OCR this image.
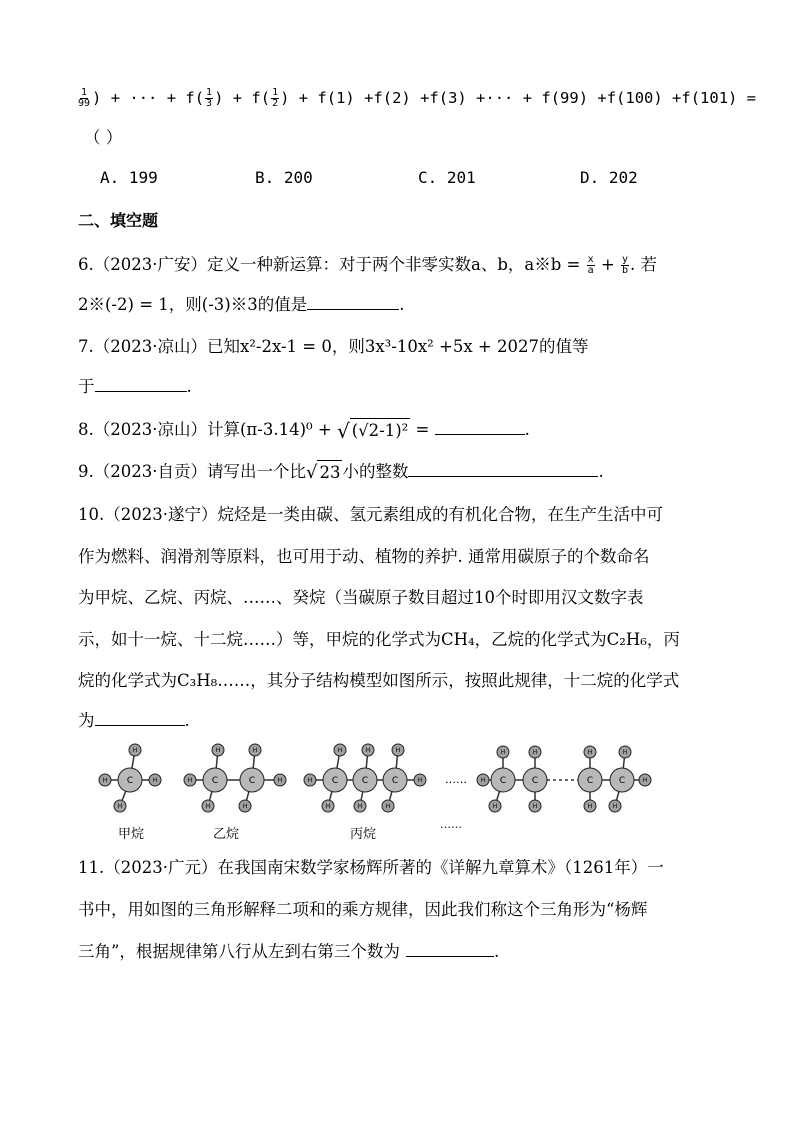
$\frac{1}{99}$ ) + ··· + $f( \frac{1}{3}$ ) + $f( \frac{1}{2}$ ) + f(1) +f(2) +f(3) +··· + f(99) +f(100) +f(101) =
（ ）
A. 199	B. 200	C. 201	D. 202
二、填空题
6.（2023·广安）定义一种新运算：对于两个非零实数a、b，a※b = $\frac{x}{a} + \frac{y}{b}$ . 若
2※(-2) = 1，则(-3)※3的值是	.
7.（2023·凉山）已知x²-2x-1 = 0，则3x³-10x² +5x + 2027的值等
于	.
8.（2023·凉山）计算(π-3.14)⁰ + √ (√2-1)² =	.
9.（2023·自贡）请写出一个比 √ 23 小的整数	.
10.（2023·遂宁）烷烃是一类由碳、氢元素组成的有机化合物，在生产生活中可
作为燃料、润滑剂等原料，也可用于动、植物的养护. 通常用碳原子的个数命名
为甲烷、乙烷、丙烷、……、癸烷（当碳原子数目超过10个时即用汉文数字表
示，如十一烷、十二烷……）等，甲烷的化学式为CH₄，乙烷的化学式为C₂H₆，丙
烷的化学式为C₃H₈……，其分子结构模型如图所示，按照此规律，十二烷的化学式
为	.
C	C	C	C	C	C	C	C	C	C
H	H
H
H
H	H
H
H
H
H
H	H
H
H
H
H
H
H
H
H
H
H
H
H
H
H
H
H
……
甲烷	乙烷	丙烷
……
11.（2023·广元）在我国南宋数学家杨辉所著的《详解九章算术》（1261年）一
书中，用如图的三角形解释二项和的乘方规律，因此我们称这个三角形为“杨辉
三角”，根据规律第八行从左到右第三个数为	.
